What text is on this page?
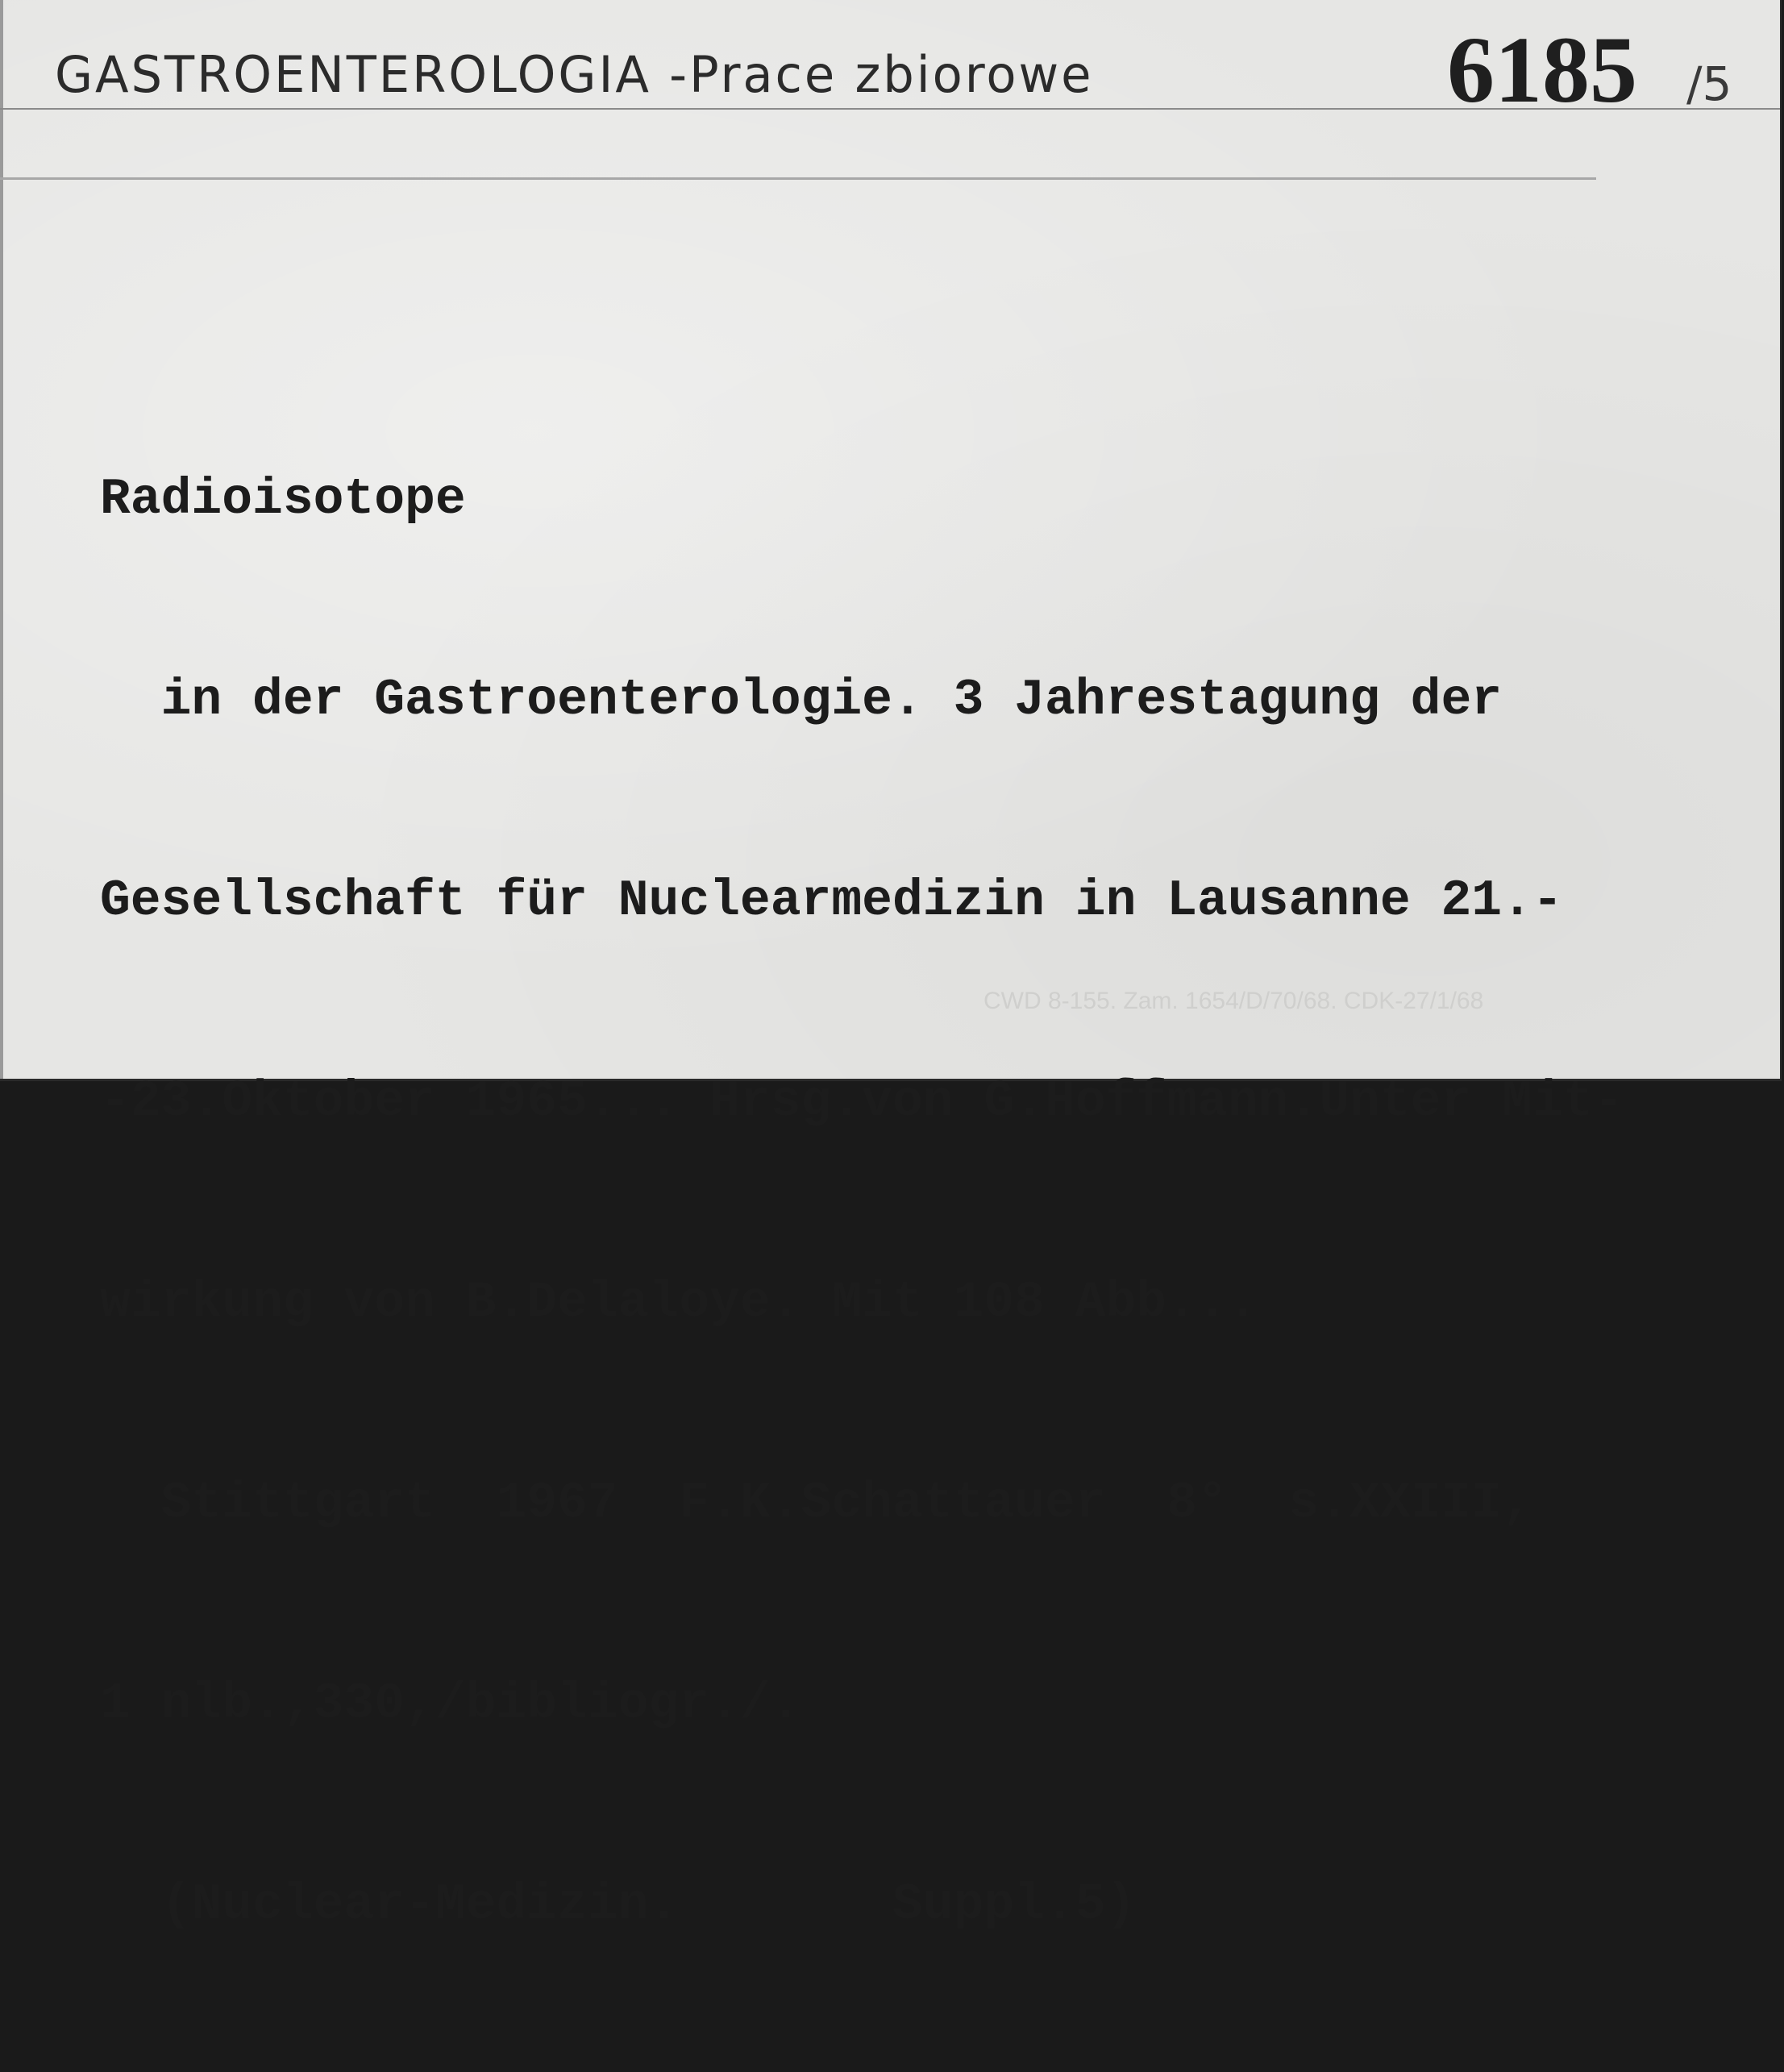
GASTROENTEROLOGIA -Prace zbiorowe	6185 /5

Radioisotope

in der Gastroenterologie. 3 Jahrestagung der

Gesellschaft für Nuclearmedizin in Lausanne 21.-

-23.Oktober 1965... Hrsg.von G.Hoffmann.Unter Mit-

wirkung von B.Delaloye. Mit 108 Abb...

Stittgart  1967  F.K.Schattauer  8°  s.XXIII,

1 nlb.,330,/bibliogr./.

(Nuclear-Medizin.       Suppl.5)

CWD 8-155. Zam. 1654/D/70/68. CDK-27/1/68
